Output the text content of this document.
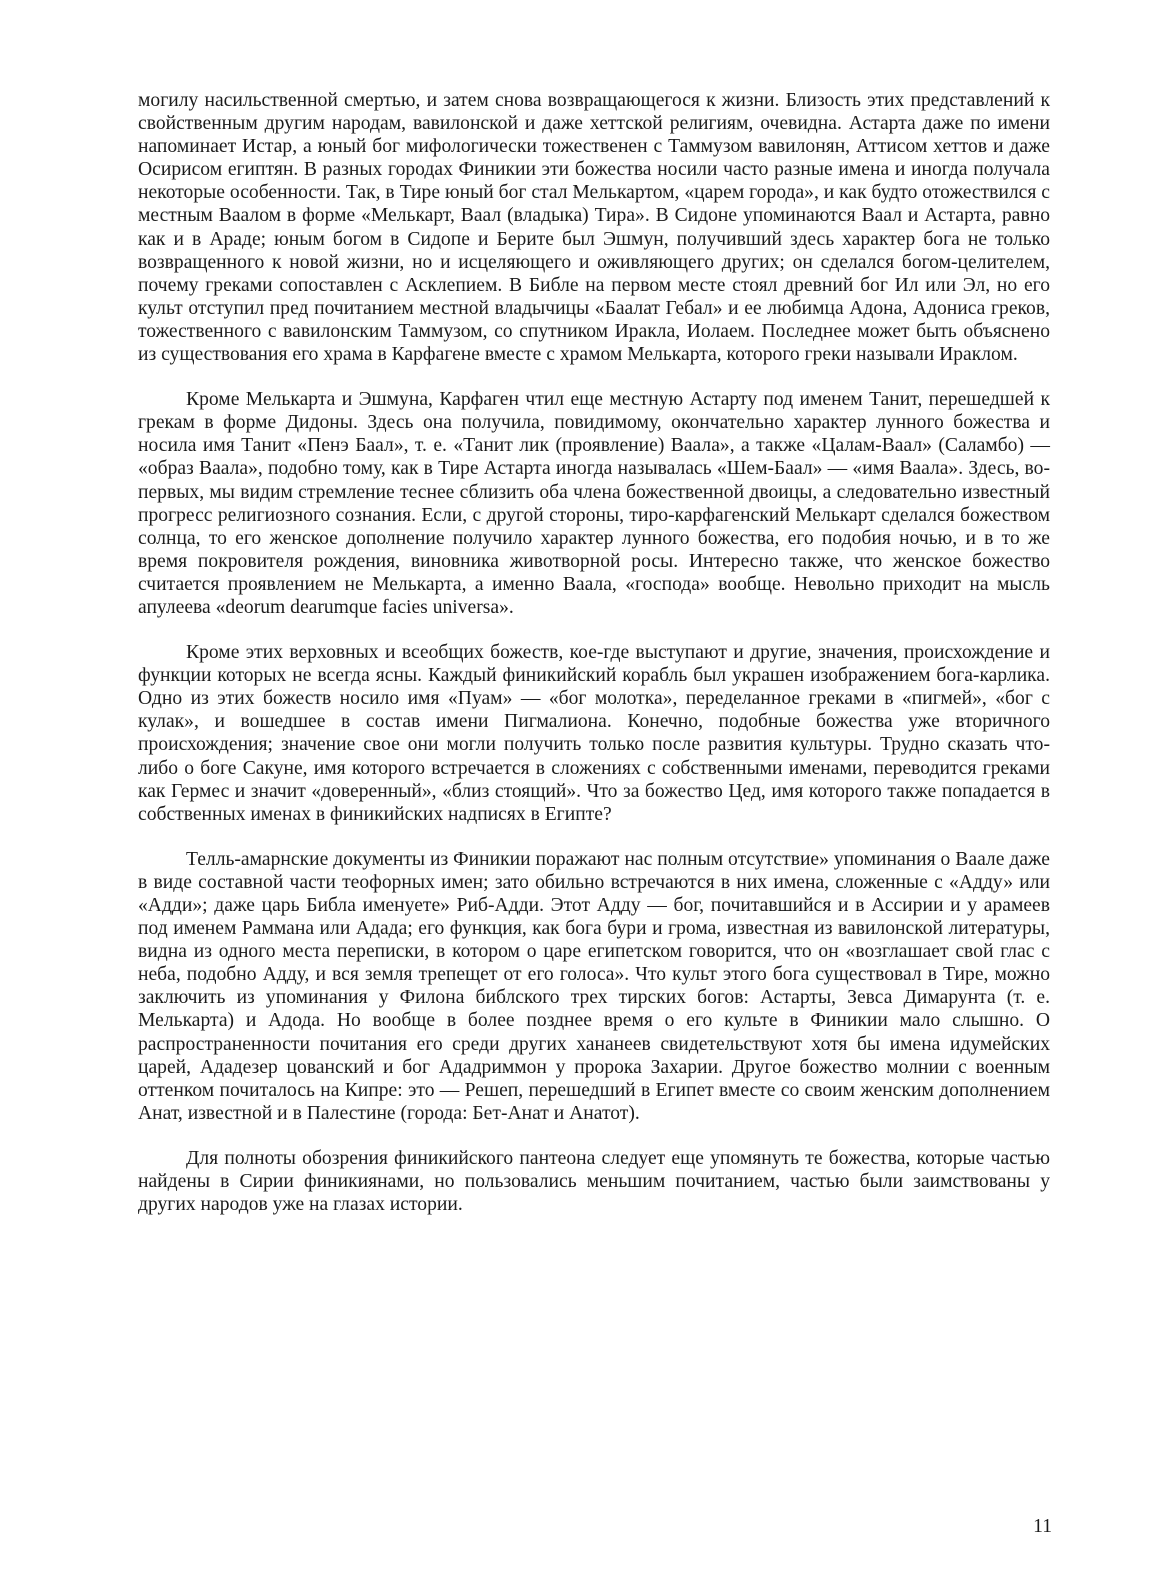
могилу насильственной смертью, и затем снова возвращающегося к жизни. Близость этих представлений к свойственным другим народам, вавилонской и даже хеттской религиям, очевидна. Астарта даже по имени напоминает Истар, а юный бог мифологически тожественен с Таммузом вавилонян, Аттисом хеттов и даже Осирисом египтян. В разных городах Финикии эти божества носили часто разные имена и иногда получала некоторые особенности. Так, в Тире юный бог стал Мелькартом, «царем города», и как будто отожествился с местным Ваалом в форме «Мелькарт, Ваал (владыка) Тира». В Сидоне упоминаются Ваал и Астарта, равно как и в Араде; юным богом в Сидопе и Берите был Эшмун, получивший здесь характер бога не только возвращенного к новой жизни, но и исцеляющего и оживляющего других; он сделался богом-целителем, почему греками сопоставлен с Асклепием. В Библе на первом месте стоял древний бог Ил или Эл, но его культ отступил пред почитанием местной владычицы «Баалат Гебал» и ее любимца Адона, Адониса греков, тожественного с вавилонским Таммузом, со спутником Иракла, Иолаем. Последнее может быть объяснено из существования его храма в Карфагене вместе с храмом Мелькарта, которого греки называли Ираклом.

Кроме Мелькарта и Эшмуна, Карфаген чтил еще местную Астарту под именем Танит, перешедшей к грекам в форме Дидоны. Здесь она получила, повидимому, окончательно характер лунного божества и носила имя Танит «Пенэ Баал», т. е. «Танит лик (проявление) Ваала», а также «Цалам-Ваал» (Саламбо) — «образ Ваала», подобно тому, как в Тире Астарта иногда называлась «Шем-Баал» — «имя Ваала». Здесь, во-первых, мы видим стремление теснее сблизить оба члена божественной двоицы, а следовательно известный прогресс религиозного сознания. Если, с другой стороны, тиро-карфагенский Мелькарт сделался божеством солнца, то его женское дополнение получило характер лунного божества, его подобия ночью, и в то же время покровителя рождения, виновника животворной росы. Интересно также, что женское божество считается проявлением не Мелькарта, а именно Ваала, «господа» вообще. Невольно приходит на мысль апулеева «deorum dearumque facies universa».

Кроме этих верховных и всеобщих божеств, кое-где выступают и другие, значения, происхождение и функции которых не всегда ясны. Каждый финикийский корабль был украшен изображением бога-карлика. Одно из этих божеств носило имя «Пуам» — «бог молотка», переделанное греками в «пигмей», «бог с кулак», и вошедшее в состав имени Пигмалиона. Конечно, подобные божества уже вторичного происхождения; значение свое они могли получить только после развития культуры. Трудно сказать что-либо о боге Сакуне, имя которого встречается в сложениях с собственными именами, переводится греками как Гермес и значит «доверенный», «близ стоящий». Что за божество Цед, имя которого также попадается в собственных именах в финикийских надписях в Египте?

Телль-амарнские документы из Финикии поражают нас полным отсутствие» упоминания о Ваале даже в виде составной части теофорных имен; зато обильно встречаются в них имена, сложенные с «Адду» или «Адди»; даже царь Библа именуете» Риб-Адди. Этот Адду — бог, почитавшийся и в Ассирии и у арамеев под именем Раммана или Адада; его функция, как бога бури и грома, известная из вавилонской литературы, видна из одного места переписки, в котором о царе египетском говорится, что он «возглашает свой глас с неба, подобно Адду, и вся земля трепещет от его голоса». Что культ этого бога существовал в Тире, можно заключить из упоминания у Филона библского трех тирских богов: Астарты, Зевса Димарунта (т. е. Мелькарта) и Адода. Но вообще в более позднее время о его культе в Финикии мало слышно. О распространенности почитания его среди других хананеев свидетельствуют хотя бы имена идумейских царей, Ададезер цованский и бог Ададриммон у пророка Захарии. Другое божество молнии с военным оттенком почиталось на Кипре: это — Решеп, перешедший в Египет вместе со своим женским дополнением Анат, известной и в Палестине (города: Бет-Анат и Анатот).

Для полноты обозрения финикийского пантеона следует еще упомянуть те божества, которые частью найдены в Сирии финикиянами, но пользовались меньшим почитанием, частью были заимствованы у других народов уже на глазах истории.

11
